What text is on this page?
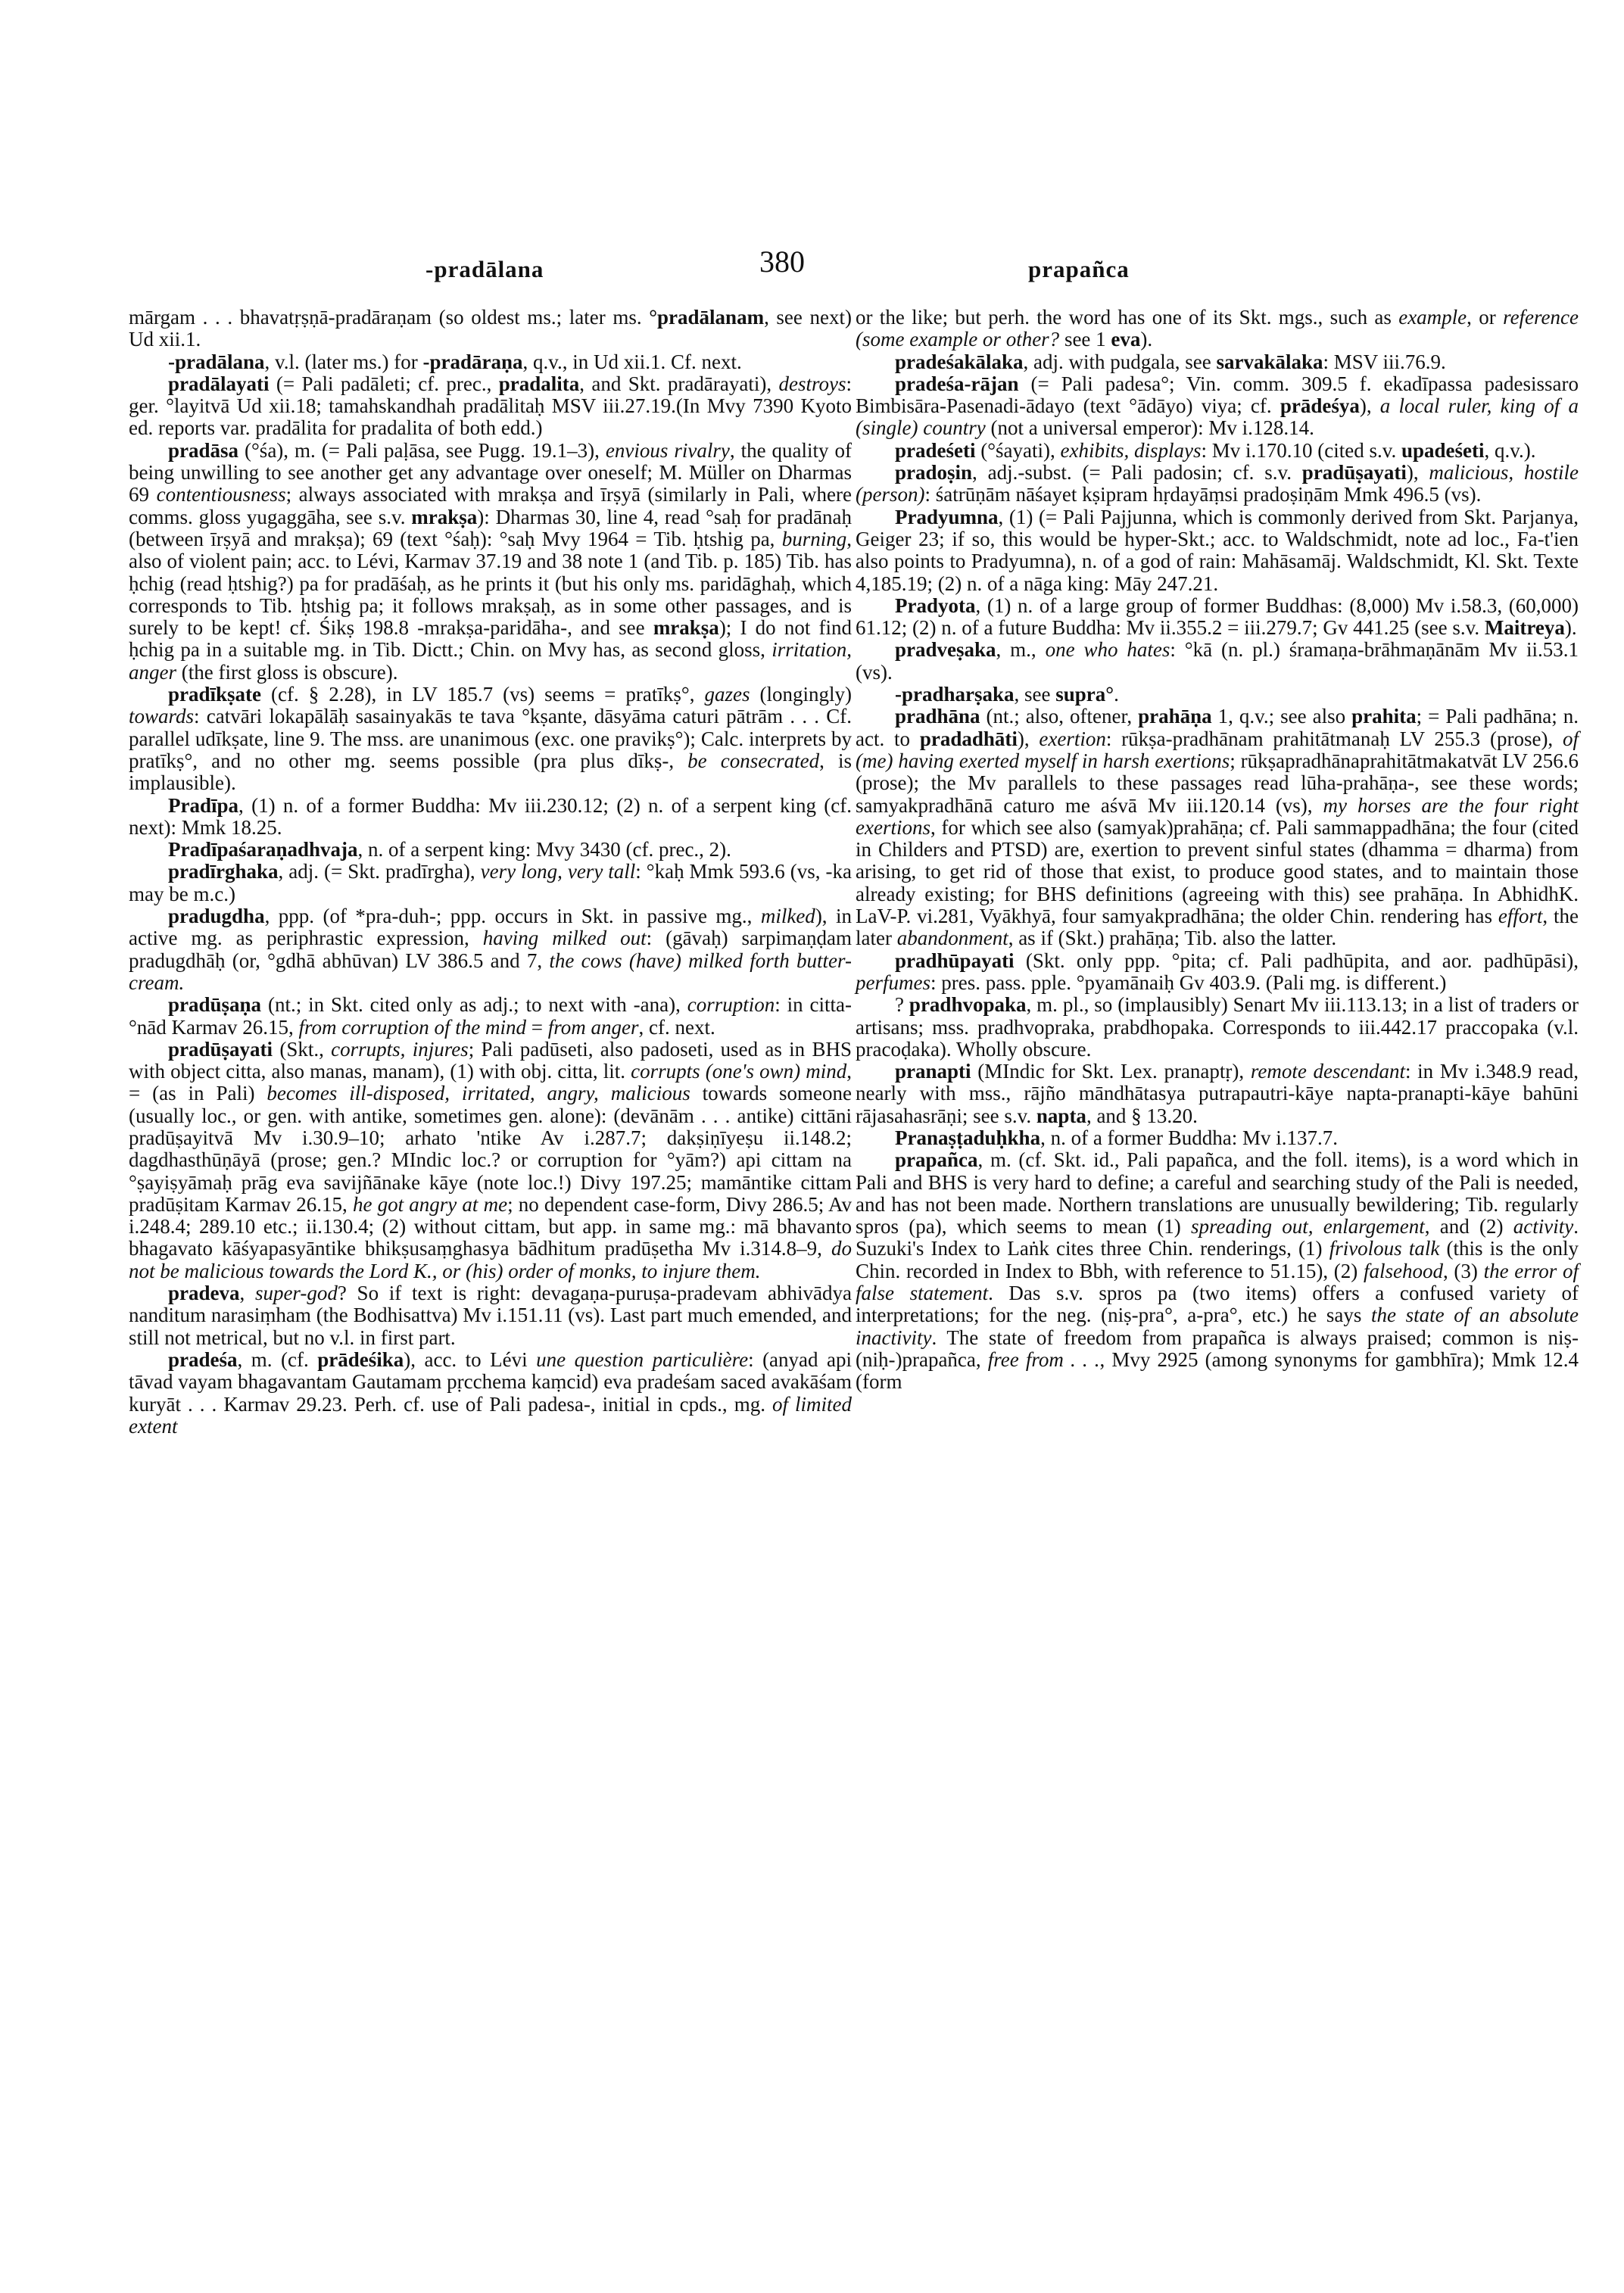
-pradālana	380	prapañca

mārgam . . . bhavatṛṣṇā-pradāraṇam (so oldest ms.; later ms. °pradālanam, see next) Ud xii.1.

-pradālana, v.l. (later ms.) for -pradāraṇa, q.v., in Ud xii.1. Cf. next.

pradālayati (= Pali padāleti; cf. prec., pradalita, and Skt. pradārayati), destroys: ger. °layitvā Ud xii.18; tamahskandhah pradālitaḥ MSV iii.27.19.(In Mvy 7390 Kyoto ed. reports var. pradālita for pradalita of both edd.)

pradāsa (°śa), m. (= Pali paḷāsa, see Pugg. 19.1–3), envious rivalry, the quality of being unwilling to see another get any advantage over oneself; M. Müller on Dharmas 69 contentiousness; always associated with mrakṣa and īrṣyā (similarly in Pali, where comms. gloss yugaggāha, see s.v. mrakṣa): Dharmas 30, line 4, read °saḥ for pradānaḥ (between īrṣyā and mrakṣa); 69 (text °śaḥ): °saḥ Mvy 1964 = Tib. ḥtshig pa, burning, also of violent pain; acc. to Lévi, Karmav 37.19 and 38 note 1 (and Tib. p. 185) Tib. has ḥchig (read ḥtshig?) pa for pradāśaḥ, as he prints it (but his only ms. paridāghaḥ, which corresponds to Tib. ḥtshig pa; it follows mrakṣaḥ, as in some other passages, and is surely to be kept! cf. Śikṣ 198.8 -mrakṣa-paridāha-, and see mrakṣa); I do not find ḥchig pa in a suitable mg. in Tib. Dictt.; Chin. on Mvy has, as second gloss, irritation, anger (the first gloss is obscure).

pradīkṣate (cf. § 2.28), in LV 185.7 (vs) seems = pratīkṣ°, gazes (longingly) towards: catvāri lokapālāḥ sasainyakās te tava °kṣante, dāsyāma caturi pātrām . . . Cf. parallel udīkṣate, line 9. The mss. are unanimous (exc. one pravikṣ°); Calc. interprets by pratīkṣ°, and no other mg. seems possible (pra plus dīkṣ-, be consecrated, is implausible).

Pradīpa, (1) n. of a former Buddha: Mv iii.230.12; (2) n. of a serpent king (cf. next): Mmk 18.25.

Pradīpaśaraṇadhvaja, n. of a serpent king: Mvy 3430 (cf. prec., 2).

pradīrghaka, adj. (= Skt. pradīrgha), very long, very tall: °kaḥ Mmk 593.6 (vs, -ka may be m.c.)

pradugdha, ppp. (of *pra-duh-; ppp. occurs in Skt. in passive mg., milked), in active mg. as periphrastic expression, having milked out: (gāvaḥ) sarpimaṇḍam pradugdhāḥ (or, °gdhā abhūvan) LV 386.5 and 7, the cows (have) milked forth butter-cream.

pradūṣaṇa (nt.; in Skt. cited only as adj.; to next with -ana), corruption: in citta-°nād Karmav 26.15, from corruption of the mind = from anger, cf. next.

pradūṣayati (Skt., corrupts, injures; Pali padūseti, also padoseti, used as in BHS with object citta, also manas, manam), (1) with obj. citta, lit. corrupts (one's own) mind, = (as in Pali) becomes ill-disposed, irritated, angry, malicious towards someone (usually loc., or gen. with antike, sometimes gen. alone): (devānām . . . antike) cittāni pradūṣayitvā Mv i.30.9–10; arhato 'ntike Av i.287.7; dakṣiṇīyeṣu ii.148.2; dagdhasthūṇāyā (prose; gen.? MIndic loc.? or corruption for °yām?) api cittam na °ṣayiṣyāmaḥ prāg eva savijñānake kāye (note loc.!) Divy 197.25; mamāntike cittam pradūṣitam Karmav 26.15, he got angry at me; no dependent case-form, Divy 286.5; Av i.248.4; 289.10 etc.; ii.130.4; (2) without cittam, but app. in same mg.: mā bhavanto bhagavato kāśyapasyāntike bhikṣusaṃghasya bādhitum pradūṣetha Mv i.314.8–9, do not be malicious towards the Lord K., or (his) order of monks, to injure them.

pradeva, super-god? So if text is right: devagaṇa-puruṣa-pradevam abhivādya nanditum narasiṃham (the Bodhisattva) Mv i.151.11 (vs). Last part much emended, and still not metrical, but no v.l. in first part.

pradeśa, m. (cf. prādeśika), acc. to Lévi une question particulière: (anyad api tāvad vayam bhagavantam Gautamam pṛcchema kaṃcid) eva pradeśam saced avakāśam kuryāt . . . Karmav 29.23. Perh. cf. use of Pali padesa-, initial in cpds., mg. of limited extent

or the like; but perh. the word has one of its Skt. mgs., such as example, or reference (some example or other? see 1 eva).

pradeśakālaka, adj. with pudgala, see sarvakālaka: MSV iii.76.9.

pradeśa-rājan (= Pali padesa°; Vin. comm. 309.5 f. ekadīpassa padesissaro Bimbisāra-Pasenadi-ādayo (text °ādāyo) viya; cf. prādeśya), a local ruler, king of a (single) country (not a universal emperor): Mv i.128.14.

pradeśeti (°śayati), exhibits, displays: Mv i.170.10 (cited s.v. upadeśeti, q.v.).

pradoṣin, adj.-subst. (= Pali padosin; cf. s.v. pradūṣayati), malicious, hostile (person): śatrūṇām nāśayet kṣipram hṛdayāṃsi pradoṣiṇām Mmk 496.5 (vs).

Pradyumna, (1) (= Pali Pajjunna, which is commonly derived from Skt. Parjanya, Geiger 23; if so, this would be hyper-Skt.; acc. to Waldschmidt, note ad loc., Fa-t'ien also points to Pradyumna), n. of a god of rain: Mahāsamāj. Waldschmidt, Kl. Skt. Texte 4,185.19; (2) n. of a nāga king: Māy 247.21.

Pradyota, (1) n. of a large group of former Buddhas: (8,000) Mv i.58.3, (60,000) 61.12; (2) n. of a future Buddha: Mv ii.355.2 = iii.279.7; Gv 441.25 (see s.v. Maitreya).

pradveṣaka, m., one who hates: °kā (n. pl.) śramaṇa-brāhmaṇānām Mv ii.53.1 (vs).

-pradharṣaka, see supra°.

pradhāna (nt.; also, oftener, prahāṇa 1, q.v.; see also prahita; = Pali padhāna; n. act. to pradadhāti), exertion: rūkṣa-pradhānam prahitātmanaḥ LV 255.3 (prose), of (me) having exerted myself in harsh exertions; rūkṣapradhānaprahitātmakatvāt LV 256.6 (prose); the Mv parallels to these passages read lūha-prahāṇa-, see these words; samyakpradhānā caturo me aśvā Mv iii.120.14 (vs), my horses are the four right exertions, for which see also (samyak)prahāṇa; cf. Pali sammappadhāna; the four (cited in Childers and PTSD) are, exertion to prevent sinful states (dhamma = dharma) from arising, to get rid of those that exist, to produce good states, and to maintain those already existing; for BHS definitions (agreeing with this) see prahāṇa. In AbhidhK. LaV-P. vi.281, Vyākhyā, four samyakpradhāna; the older Chin. rendering has effort, the later abandonment, as if (Skt.) prahāṇa; Tib. also the latter.

pradhūpayati (Skt. only ppp. °pita; cf. Pali padhūpita, and aor. padhūpāsi), perfumes: pres. pass. pple. °pyamānaiḥ Gv 403.9. (Pali mg. is different.)

? pradhvopaka, m. pl., so (implausibly) Senart Mv iii.113.13; in a list of traders or artisans; mss. pradhvopraka, prabdhopaka. Corresponds to iii.442.17 praccopaka (v.l. pracoḍaka). Wholly obscure.

pranapti (MIndic for Skt. Lex. pranaptṛ), remote descendant: in Mv i.348.9 read, nearly with mss., rājño māndhātasya putrapautri-kāye napta-pranapti-kāye bahūni rājasahasrāṇi; see s.v. napta, and § 13.20.

Pranaṣṭaduḥkha, n. of a former Buddha: Mv i.137.7.

prapañca, m. (cf. Skt. id., Pali papañca, and the foll. items), is a word which in Pali and BHS is very hard to define; a careful and searching study of the Pali is needed, and has not been made. Northern translations are unusually bewildering; Tib. regularly spros (pa), which seems to mean (1) spreading out, enlargement, and (2) activity. Suzuki's Index to Laṅk cites three Chin. renderings, (1) frivolous talk (this is the only Chin. recorded in Index to Bbh, with reference to 51.15), (2) falsehood, (3) the error of false statement. Das s.v. spros pa (two items) offers a confused variety of interpretations; for the neg. (niṣ-pra°, a-pra°, etc.) he says the state of an absolute inactivity. The state of freedom from prapañca is always praised; common is niṣ-(niḥ-)prapañca, free from . . ., Mvy 2925 (among synonyms for gambhīra); Mmk 12.4 (form
